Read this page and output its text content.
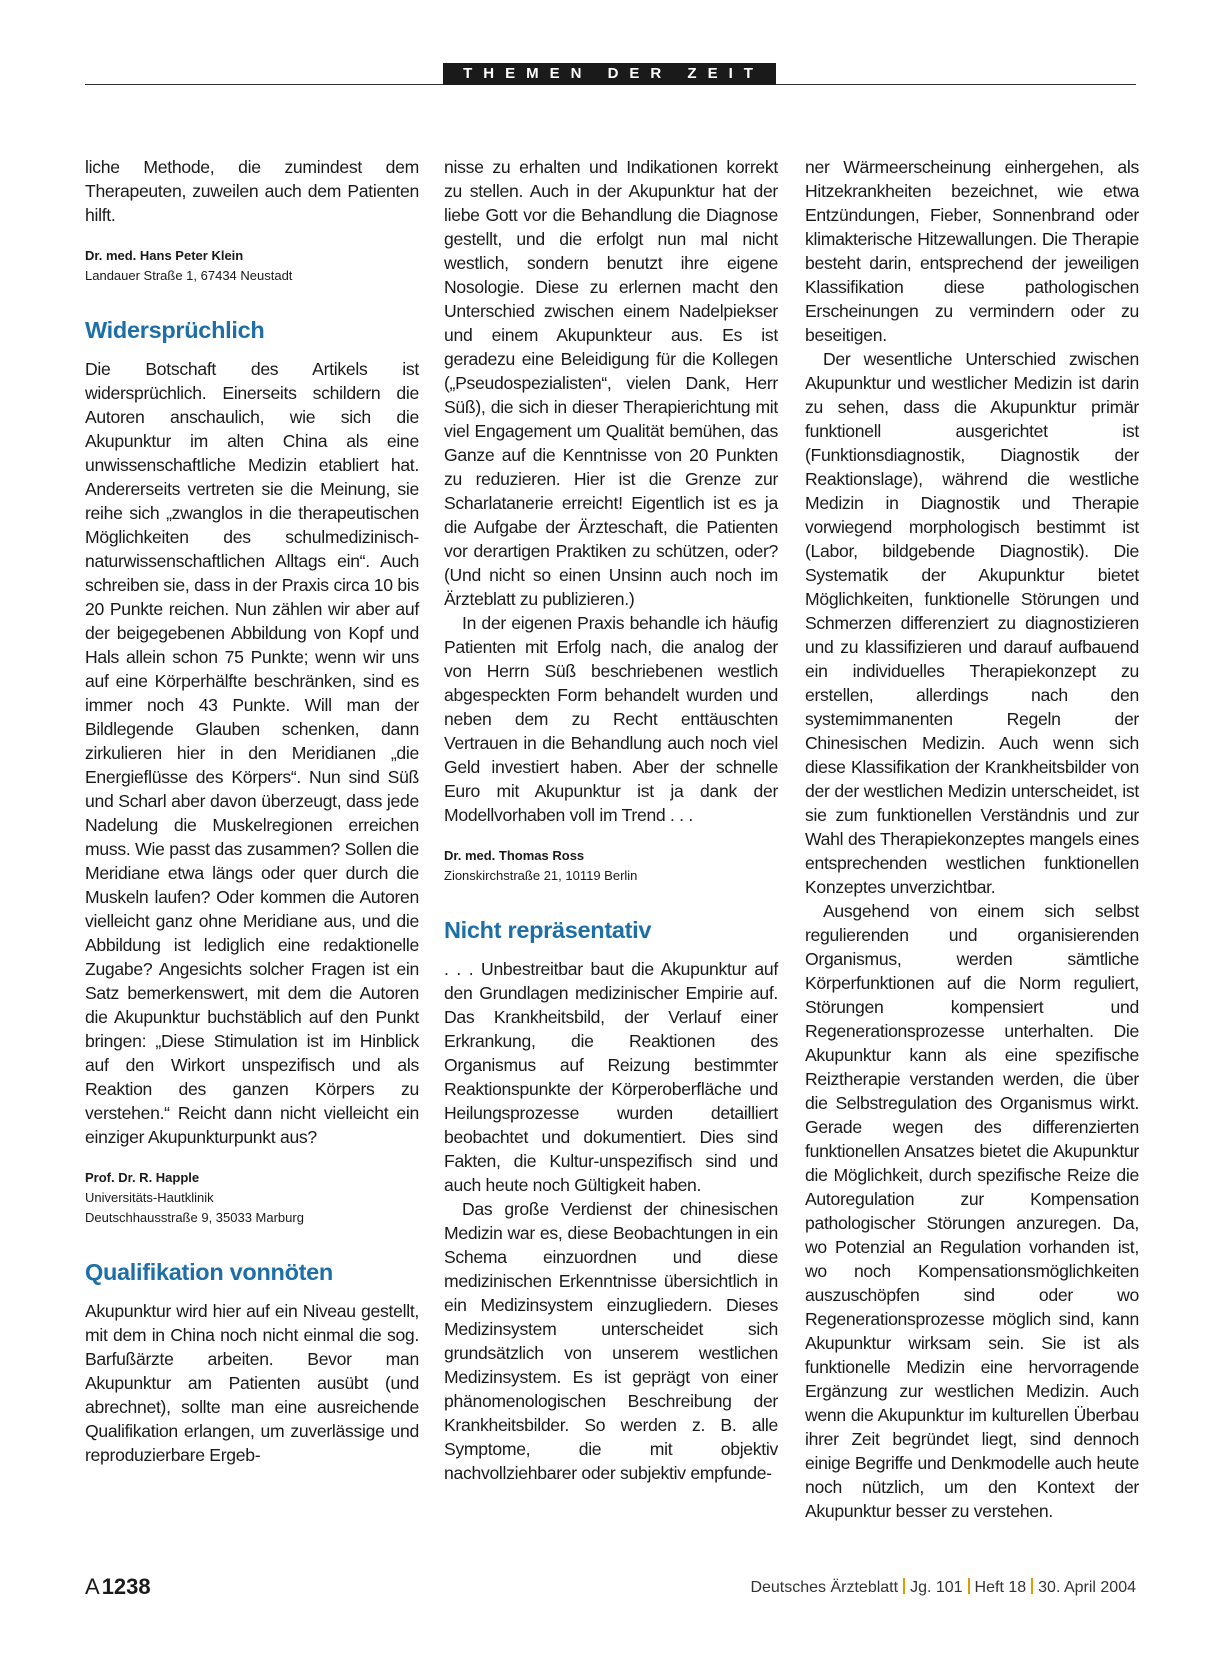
THEMEN DER ZEIT

liche Methode, die zumindest dem Therapeuten, zuweilen auch dem Patienten hilft.

Dr. med. Hans Peter Klein
Landauer Straße 1, 67434 Neustadt
Widersprüchlich

Die Botschaft des Artikels ist widersprüchlich. Einerseits schildern die Autoren anschaulich, wie sich die Akupunktur im alten China als eine unwissenschaftliche Medizin etabliert hat. Andererseits vertreten sie die Meinung, sie reihe sich „zwanglos in die therapeutischen Möglichkeiten des schulmedizinisch-naturwissenschaftlichen Alltags ein“. Auch schreiben sie, dass in der Praxis circa 10 bis 20 Punkte reichen. Nun zählen wir aber auf der beigegebenen Abbildung von Kopf und Hals allein schon 75 Punkte; wenn wir uns auf eine Körperhälfte beschränken, sind es immer noch 43 Punkte. Will man der Bildlegende Glauben schenken, dann zirkulieren hier in den Meridianen „die Energieflüsse des Körpers“. Nun sind Süß und Scharl aber davon überzeugt, dass jede Nadelung die Muskelregionen erreichen muss. Wie passt das zusammen? Sollen die Meridiane etwa längs oder quer durch die Muskeln laufen? Oder kommen die Autoren vielleicht ganz ohne Meridiane aus, und die Abbildung ist lediglich eine redaktionelle Zugabe? Angesichts solcher Fragen ist ein Satz bemerkenswert, mit dem die Autoren die Akupunktur buchstäblich auf den Punkt bringen: „Diese Stimulation ist im Hinblick auf den Wirkort unspezifisch und als Reaktion des ganzen Körpers zu verstehen.“ Reicht dann nicht vielleicht ein einziger Akupunkturpunkt aus?

Prof. Dr. R. Happle
Universitäts-Hautklinik
Deutschhausstraße 9, 35033 Marburg
Qualifikation vonnöten

Akupunktur wird hier auf ein Niveau gestellt, mit dem in China noch nicht einmal die sog. Barfußärzte arbeiten. Bevor man Akupunktur am Patienten ausübt (und abrechnet), sollte man eine ausreichende Qualifikation erlangen, um zuverlässige und reproduzierbare Ergeb-

nisse zu erhalten und Indikationen korrekt zu stellen. Auch in der Akupunktur hat der liebe Gott vor die Behandlung die Diagnose gestellt, und die erfolgt nun mal nicht westlich, sondern benutzt ihre eigene Nosologie. Diese zu erlernen macht den Unterschied zwischen einem Nadelpiekser und einem Akupunkteur aus. Es ist geradezu eine Beleidigung für die Kollegen („Pseudospezialisten“, vielen Dank, Herr Süß), die sich in dieser Therapierichtung mit viel Engagement um Qualität bemühen, das Ganze auf die Kenntnisse von 20 Punkten zu reduzieren. Hier ist die Grenze zur Scharlatanerie erreicht! Eigentlich ist es ja die Aufgabe der Ärzteschaft, die Patienten vor derartigen Praktiken zu schützen, oder? (Und nicht so einen Unsinn auch noch im Ärzteblatt zu publizieren.)

In der eigenen Praxis behandle ich häufig Patienten mit Erfolg nach, die analog der von Herrn Süß beschriebenen westlich abgespeckten Form behandelt wurden und neben dem zu Recht enttäuschten Vertrauen in die Behandlung auch noch viel Geld investiert haben. Aber der schnelle Euro mit Akupunktur ist ja dank der Modellvorhaben voll im Trend . . .

Dr. med. Thomas Ross
Zionskirchstraße 21, 10119 Berlin
Nicht repräsentativ

. . . Unbestreitbar baut die Akupunktur auf den Grundlagen medizinischer Empirie auf. Das Krankheitsbild, der Verlauf einer Erkrankung, die Reaktionen des Organismus auf Reizung bestimmter Reaktionspunkte der Körperoberfläche und Heilungsprozesse wurden detailliert beobachtet und dokumentiert. Dies sind Fakten, die Kultur-unspezifisch sind und auch heute noch Gültigkeit haben.

Das große Verdienst der chinesischen Medizin war es, diese Beobachtungen in ein Schema einzuordnen und diese medizinischen Erkenntnisse übersichtlich in ein Medizinsystem einzugliedern. Dieses Medizinsystem unterscheidet sich grundsätzlich von unserem westlichen Medizinsystem. Es ist geprägt von einer phänomenologischen Beschreibung der Krankheitsbilder. So werden z. B. alle Symptome, die mit objektiv nachvollziehbarer oder subjektiv empfunde-

ner Wärmeerscheinung einhergehen, als Hitzekrankheiten bezeichnet, wie etwa Entzündungen, Fieber, Sonnenbrand oder klimakterische Hitzewallungen. Die Therapie besteht darin, entsprechend der jeweiligen Klassifikation diese pathologischen Erscheinungen zu vermindern oder zu beseitigen.

Der wesentliche Unterschied zwischen Akupunktur und westlicher Medizin ist darin zu sehen, dass die Akupunktur primär funktionell ausgerichtet ist (Funktionsdiagnostik, Diagnostik der Reaktionslage), während die westliche Medizin in Diagnostik und Therapie vorwiegend morphologisch bestimmt ist (Labor, bildgebende Diagnostik). Die Systematik der Akupunktur bietet Möglichkeiten, funktionelle Störungen und Schmerzen differenziert zu diagnostizieren und zu klassifizieren und darauf aufbauend ein individuelles Therapiekonzept zu erstellen, allerdings nach den systemimmanenten Regeln der Chinesischen Medizin. Auch wenn sich diese Klassifikation der Krankheitsbilder von der der westlichen Medizin unterscheidet, ist sie zum funktionellen Verständnis und zur Wahl des Therapiekonzeptes mangels eines entsprechenden westlichen funktionellen Konzeptes unverzichtbar.

Ausgehend von einem sich selbst regulierenden und organisierenden Organismus, werden sämtliche Körperfunktionen auf die Norm reguliert, Störungen kompensiert und Regenerationsprozesse unterhalten. Die Akupunktur kann als eine spezifische Reiztherapie verstanden werden, die über die Selbstregulation des Organismus wirkt. Gerade wegen des differenzierten funktionellen Ansatzes bietet die Akupunktur die Möglichkeit, durch spezifische Reize die Autoregulation zur Kompensation pathologischer Störungen anzuregen. Da, wo Potenzial an Regulation vorhanden ist, wo noch Kompensationsmöglichkeiten auszuschöpfen sind oder wo Regenerationsprozesse möglich sind, kann Akupunktur wirksam sein. Sie ist als funktionelle Medizin eine hervorragende Ergänzung zur westlichen Medizin. Auch wenn die Akupunktur im kulturellen Überbau ihrer Zeit begründet liegt, sind dennoch einige Begriffe und Denkmodelle auch heute noch nützlich, um den Kontext der Akupunktur besser zu verstehen.

A1238	Deutsches Ärzteblatt Jg. 101 Heft 18 30. April 2004
